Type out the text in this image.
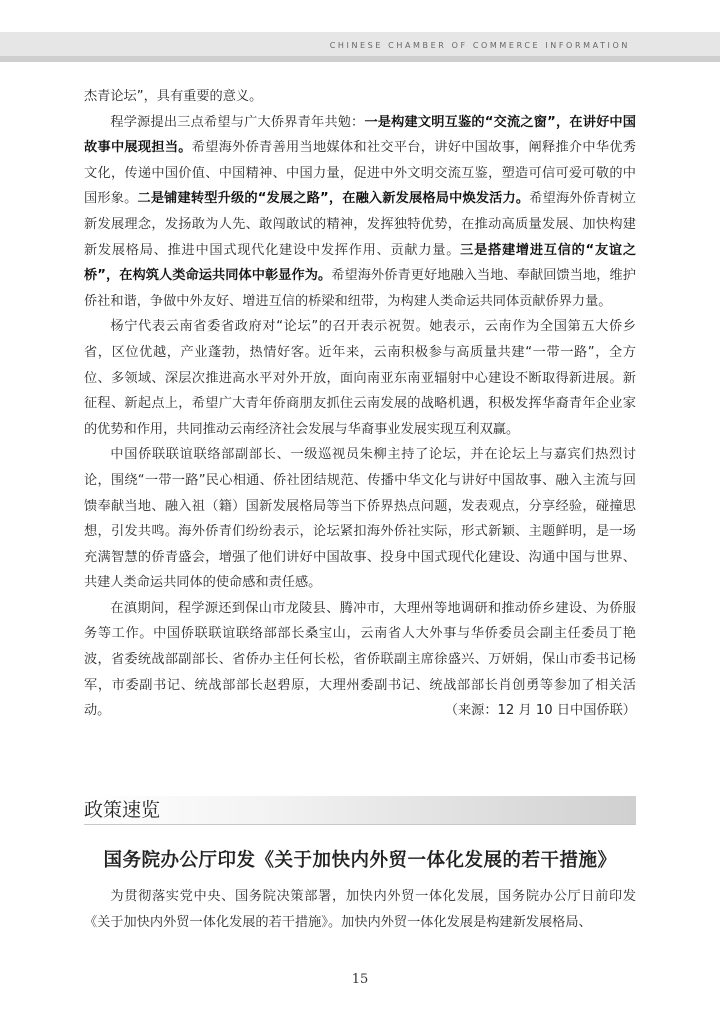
CHINESE CHAMBER OF COMMERCE INFORMATION

杰青论坛”，具有重要的意义。

程学源提出三点希望与广大侨界青年共勉：一是构建文明互鉴的“交流之窗”，在讲好中国故事中展现担当。希望海外侨青善用当地媒体和社交平台，讲好中国故事，阐释推介中华优秀文化，传递中国价值、中国精神、中国力量，促进中外文明交流互鉴，塑造可信可爱可敬的中国形象。二是铺建转型升级的“发展之路”，在融入新发展格局中焕发活力。希望海外侨青树立新发展理念，发扬敢为人先、敢闯敢试的精神，发挥独特优势，在推动高质量发展、加快构建新发展格局、推进中国式现代化建设中发挥作用、贡献力量。三是搭建增进互信的“友谊之桥”，在构筑人类命运共同体中彰显作为。希望海外侨青更好地融入当地、奉献回馈当地，维护侨社和谐，争做中外友好、增进互信的桥梁和纽带，为构建人类命运共同体贡献侨界力量。

杨宁代表云南省委省政府对“论坛”的召开表示祝贺。她表示，云南作为全国第五大侨乡省，区位优越，产业蓬勃，热情好客。近年来，云南积极参与高质量共建“一带一路”，全方位、多领域、深层次推进高水平对外开放，面向南亚东南亚辐射中心建设不断取得新进展。新征程、新起点上，希望广大青年侨商朋友抓住云南发展的战略机遇，积极发挥华裔青年企业家的优势和作用，共同推动云南经济社会发展与华裔事业发展实现互利双赢。

中国侨联联谊联络部副部长、一级巡视员朱柳主持了论坛，并在论坛上与嘉宾们热烈讨论，围绕“一带一路”民心相通、侨社团结规范、传播中华文化与讲好中国故事、融入主流与回馈奉献当地、融入祖（籍）国新发展格局等当下侨界热点问题，发表观点，分享经验，碰撞思想，引发共鸣。海外侨青们纷纷表示，论坛紧扣海外侨社实际，形式新颖、主题鲜明，是一场充满智慧的侨青盛会，增强了他们讲好中国故事、投身中国式现代化建设、沟通中国与世界、共建人类命运共同体的使命感和责任感。

在滇期间，程学源还到保山市龙陵县、腾冲市，大理州等地调研和推动侨乡建设、为侨服务等工作。中国侨联联谊联络部部长桑宝山，云南省人大外事与华侨委员会副主任委员丁艳波，省委统战部副部长、省侨办主任何长松，省侨联副主席徐盛兴、万妍娟，保山市委书记杨军，市委副书记、统战部部长赵碧原，大理州委副书记、统战部部长肖创勇等参加了相关活动。	（来源：12 月 10 日中国侨联）

政策速览
国务院办公厅印发《关于加快内外贸一体化发展的若干措施》

为贯彻落实党中央、国务院决策部署，加快内外贸一体化发展，国务院办公厅日前印发《关于加快内外贸一体化发展的若干措施》。加快内外贸一体化发展是构建新发展格局、

15
